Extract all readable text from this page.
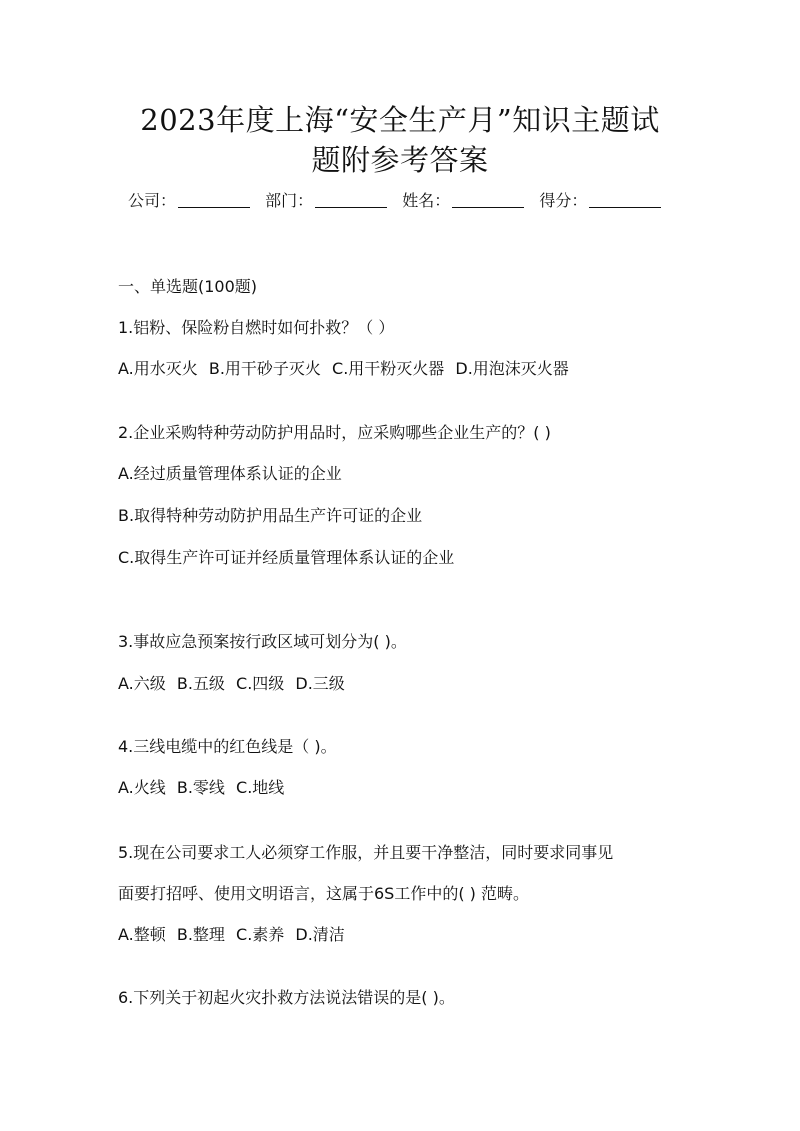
2023年度上海“安全生产月”知识主题试
题附参考答案
公司：	部门：	姓名：	得分：
一、单选题(100题)
1.铝粉、保险粉自燃时如何扑救？（ ）
A.用水灭火 B.用干砂子灭火 C.用干粉灭火器 D.用泡沫灭火器
2.企业采购特种劳动防护用品时，应采购哪些企业生产的？( )
A.经过质量管理体系认证的企业
B.取得特种劳动防护用品生产许可证的企业
C.取得生产许可证并经质量管理体系认证的企业
3.事故应急预案按行政区域可划分为( )。
A.六级 B.五级 C.四级 D.三级
4.三线电缆中的红色线是（ )。
A.火线 B.零线 C.地线
5.现在公司要求工人必须穿工作服，并且要干净整洁，同时要求同事见
面要打招呼、使用文明语言，这属于6S工作中的( ) 范畴。
A.整顿 B.整理 C.素养 D.清洁
6.下列关于初起火灾扑救方法说法错误的是( )。
